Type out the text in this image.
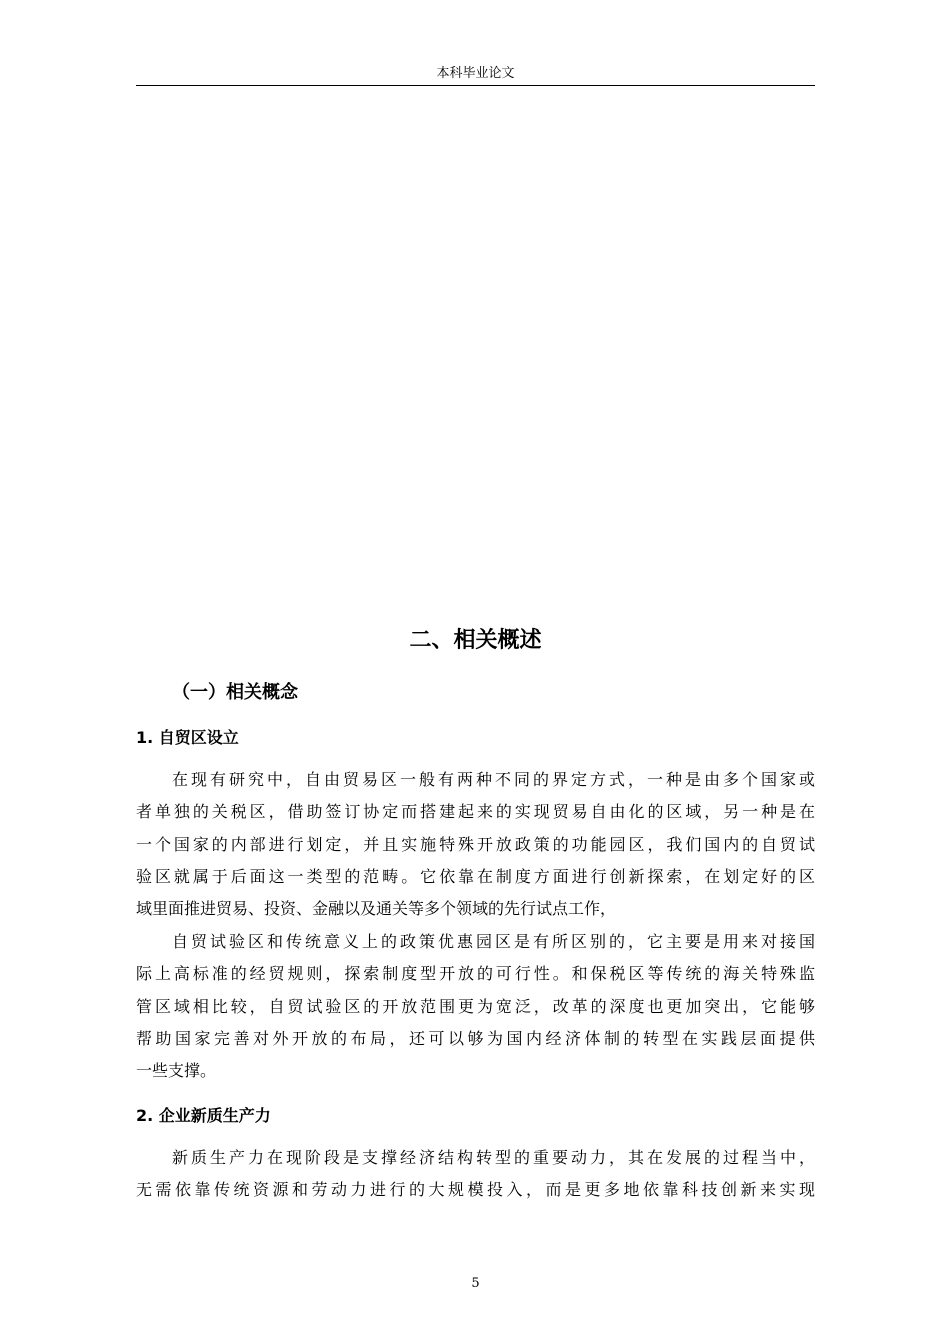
本科毕业论文
二、相关概述
（一）相关概念
1. 自贸区设立
在现有研究中，自由贸易区一般有两种不同的界定方式，一种是由多个国家或
者单独的关税区，借助签订协定而搭建起来的实现贸易自由化的区域，另一种是在
一个国家的内部进行划定，并且实施特殊开放政策的功能园区，我们国内的自贸试
验区就属于后面这一类型的范畴。它依靠在制度方面进行创新探索，在划定好的区
域里面推进贸易、投资、金融以及通关等多个领域的先行试点工作，
自贸试验区和传统意义上的政策优惠园区是有所区别的，它主要是用来对接国
际上高标准的经贸规则，探索制度型开放的可行性。和保税区等传统的海关特殊监
管区域相比较，自贸试验区的开放范围更为宽泛，改革的深度也更加突出，它能够
帮助国家完善对外开放的布局，还可以够为国内经济体制的转型在实践层面提供
一些支撑。
2. 企业新质生产力
新质生产力在现阶段是支撑经济结构转型的重要动力，其在发展的过程当中，
无需依靠传统资源和劳动力进行的大规模投入，而是更多地依靠科技创新来实现
5
